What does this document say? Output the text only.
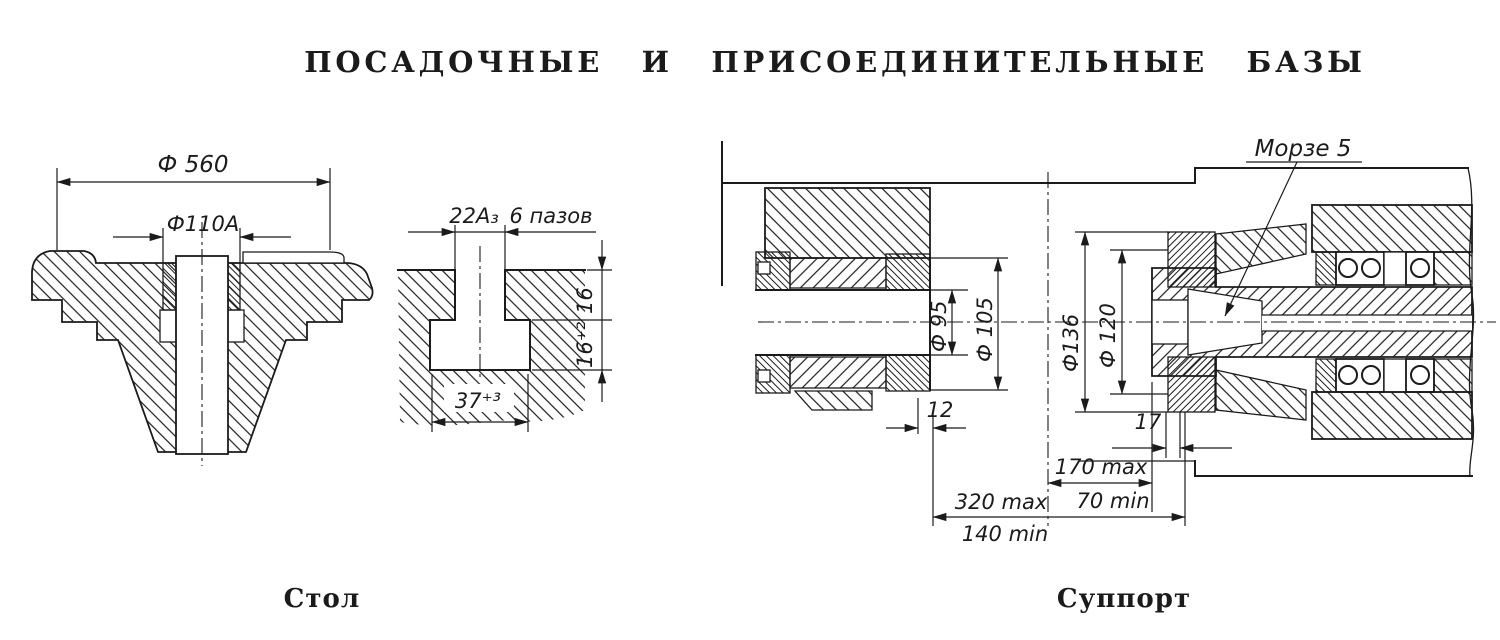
ПОСАДОЧНЫЕ И ПРИСОЕДИНИТЕЛЬНЫЕ БАЗЫ
Ф 560
Ф110А
Стол
22А₃ 6 пазов
16
16⁺²
37⁺³
Морзе 5
Ф 95 Ф 105
12
Ф136 Ф 120
17
170 max
70 min
320 max
140 min
Суппорт
